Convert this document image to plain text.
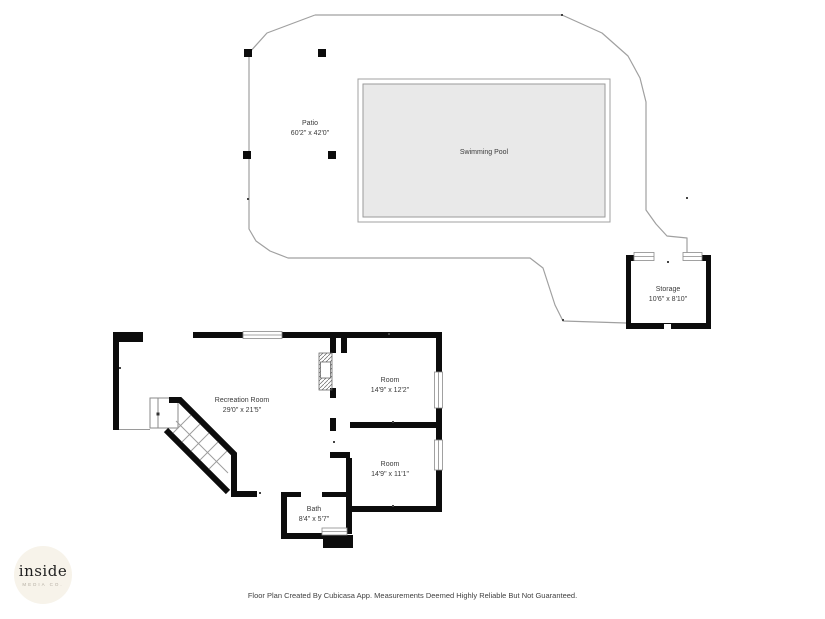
Patio
60'2" x 42'0"
Swimming Pool
Storage
10'6" x 8'10"
Recreation Room
29'0" x 21'5"
Room
14'9" x 12'2"
Room
14'9" x 11'1"
Bath
8'4" x 5'7"
inside
MEDIA CO.
Floor Plan Created By Cubicasa App. Measurements Deemed Highly Reliable But Not Guaranteed.
